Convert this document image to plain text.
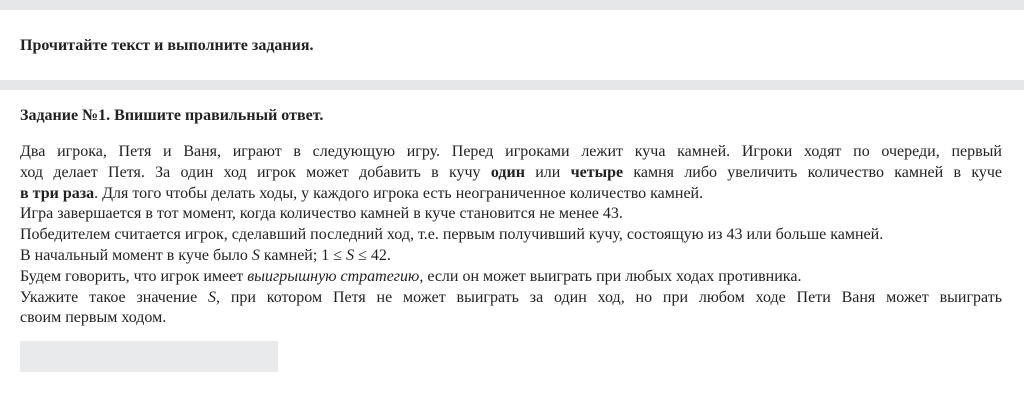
Прочитайте текст и выполните задания.
Задание №1. Впишите правильный ответ.
Два игрока, Петя и Ваня, играют в следующую игру. Перед игроками лежит куча камней. Игроки ходят по очереди, первый
ход делает Петя. За один ход игрок может добавить в кучу один или четыре камня либо увеличить количество камней в куче
в три раза. Для того чтобы делать ходы, у каждого игрока есть неограниченное количество камней.
Игра завершается в тот момент, когда количество камней в куче становится не менее 43.
Победителем считается игрок, сделавший последний ход, т.е. первым получивший кучу, состоящую из 43 или больше камней.
В начальный момент в куче было S камней; 1 ≤ S ≤ 42.
Будем говорить, что игрок имеет выигрышную стратегию, если он может выиграть при любых ходах противника.
Укажите такое значение S, при котором Петя не может выиграть за один ход, но при любом ходе Пети Ваня может выиграть
своим первым ходом.
